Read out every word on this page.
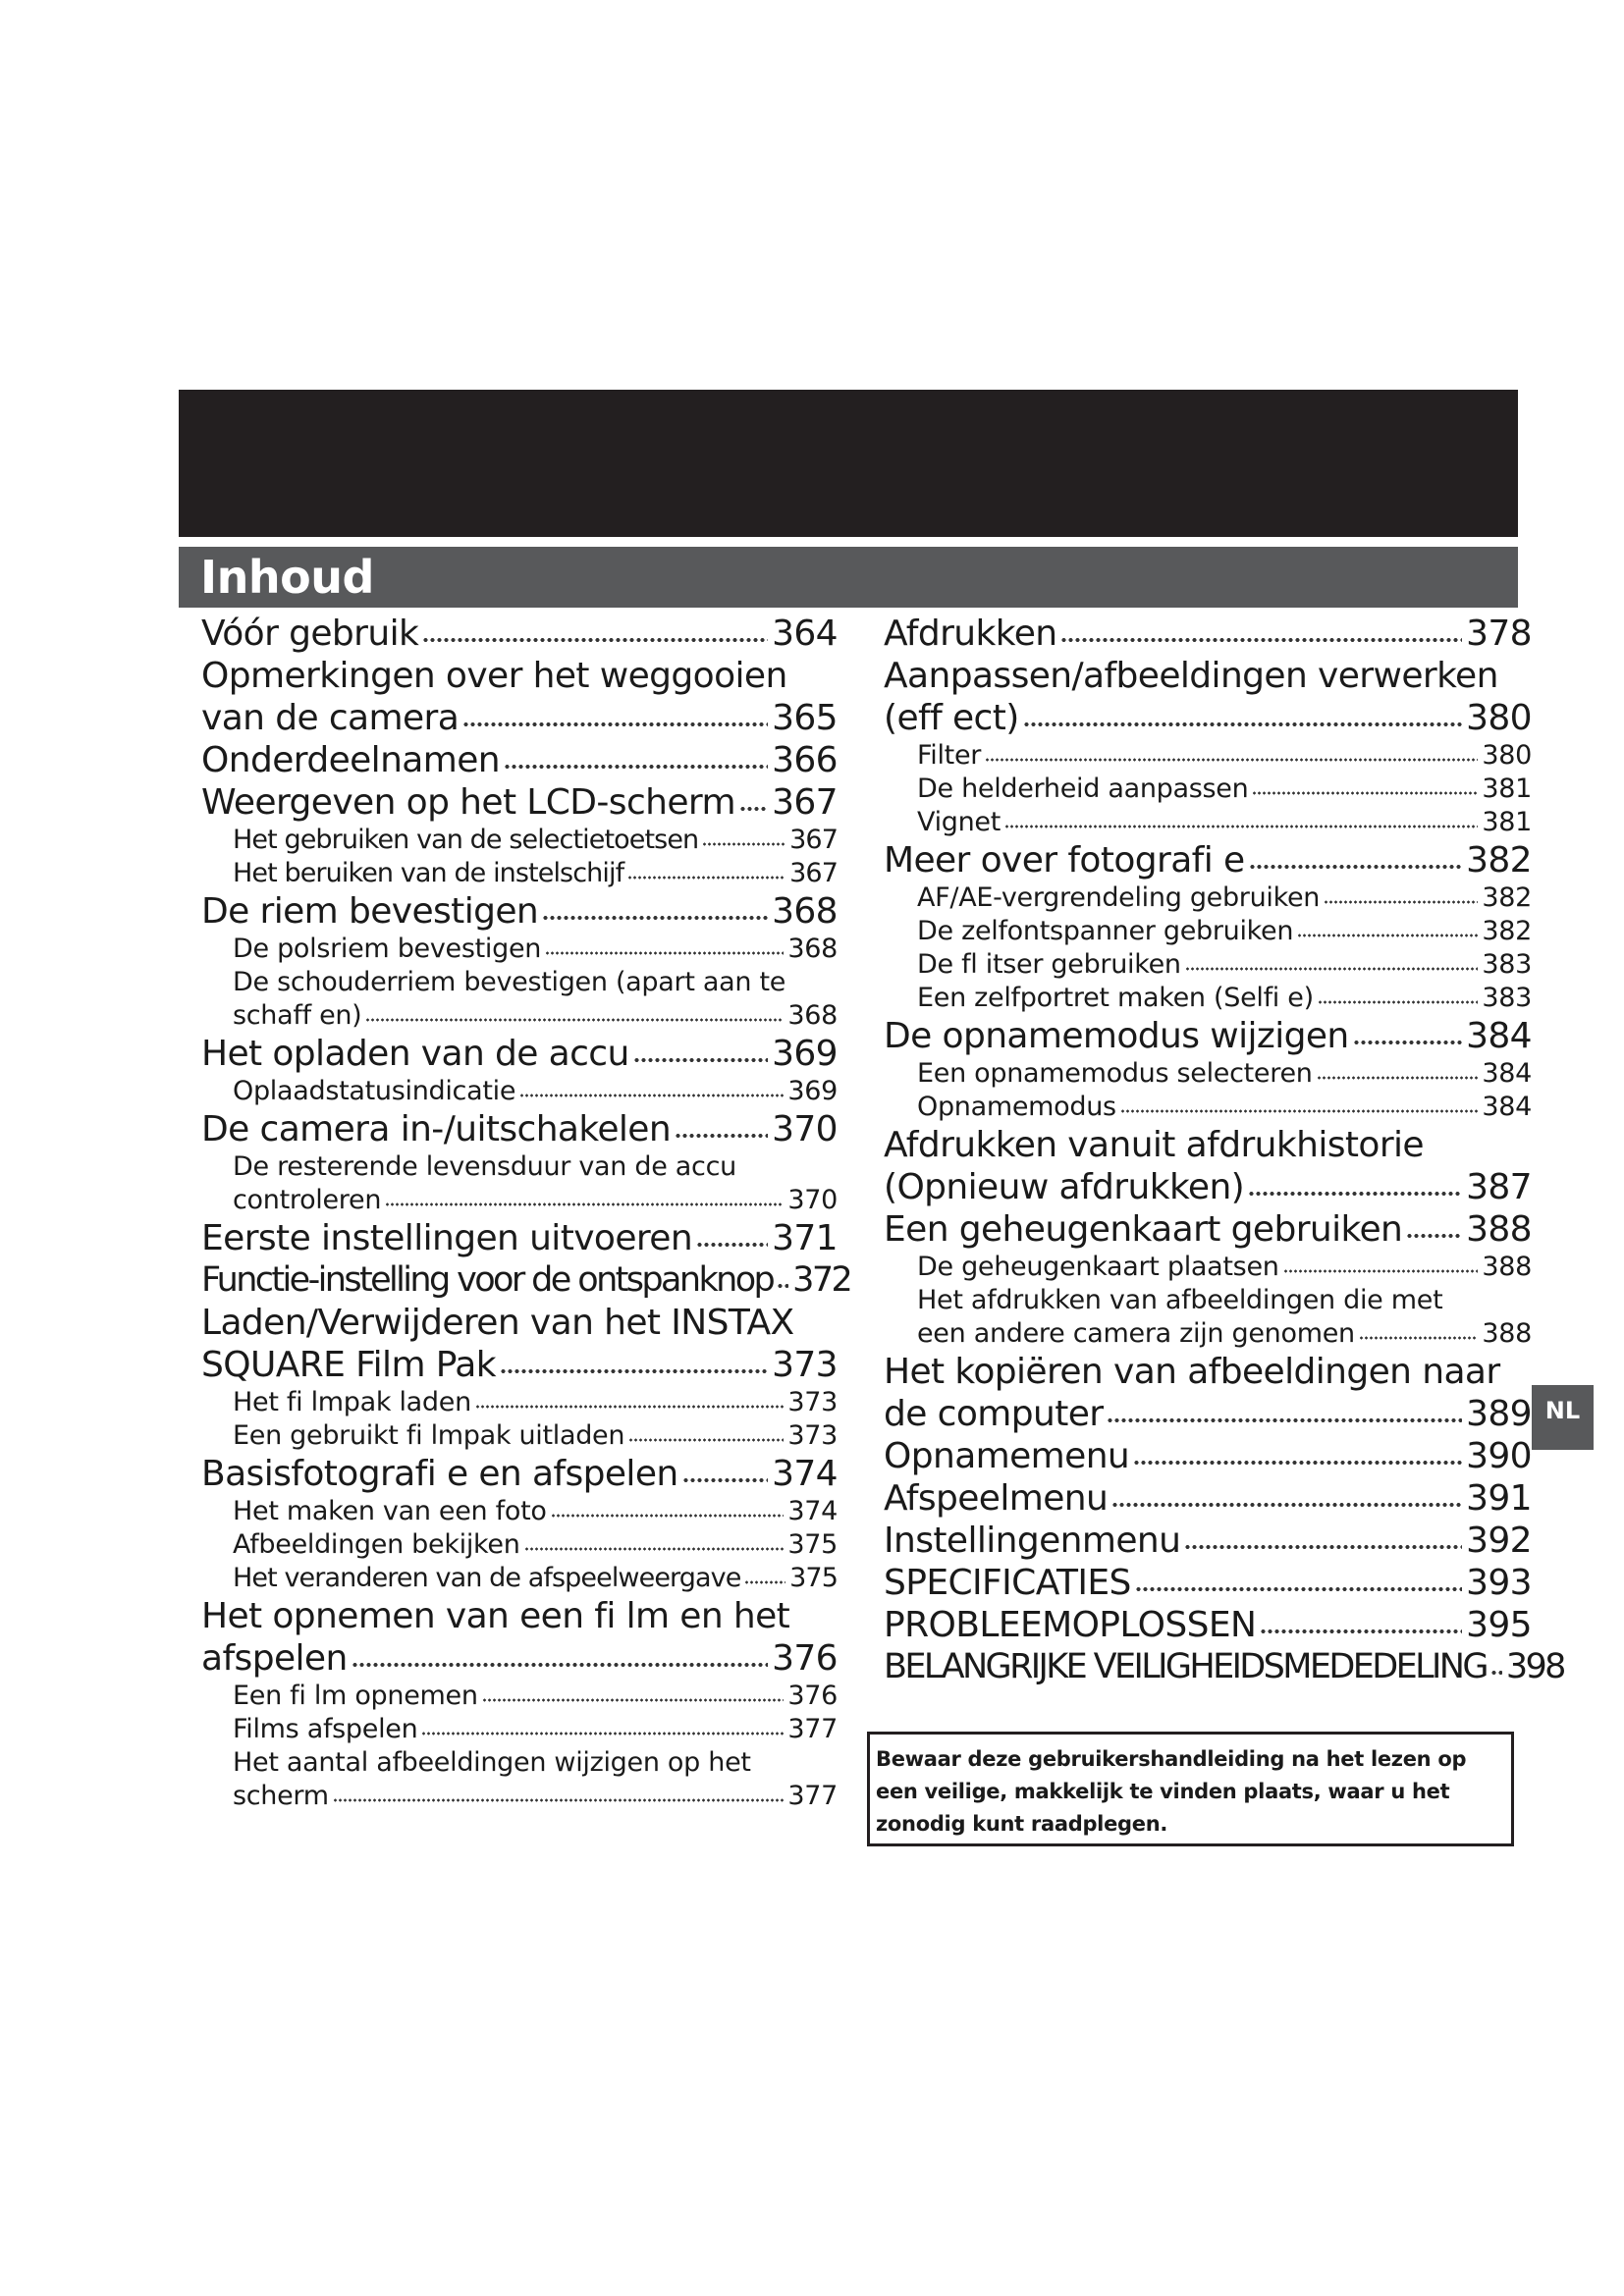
Inhoud
Vóór gebruik	364
Opmerkingen over het weggooien
van de camera	365
Onderdeelnamen	366
Weergeven op het LCD-scherm 367
Het gebruiken van de selectietoetsen	367
Het beruiken van de instelschijf	367
De riem bevestigen	368
De polsriem bevestigen	368
De schouderriem bevestigen (apart aan te
schaff en)	368
Het opladen van de accu	369
Oplaadstatusindicatie	369
De camera in-/uitschakelen	370
De resterende levensduur van de accu
controleren	370
Eerste instellingen uitvoeren 371
Functie-instelling voor de ontspanknop 372
Laden/Verwijderen van het INSTAX
SQUARE Film Pak	373
Het fi lmpak laden	373
Een gebruikt fi lmpak uitladen	373
Basisfotografi e en afspelen	374
Het maken van een foto	374
Afbeeldingen bekijken	375
Het veranderen van de afspeelweergave 375
Het opnemen van een fi lm en het
afspelen	376
Een fi lm opnemen	376
Films afspelen	377
Het aantal afbeeldingen wijzigen op het
scherm	377
Afdrukken	378
Aanpassen/afbeeldingen verwerken
(eff ect)	380
Filter	380
De helderheid aanpassen	381
Vignet	381
Meer over fotografi e	382
AF/AE-vergrendeling gebruiken	382
De zelfontspanner gebruiken	382
De fl itser gebruiken	383
Een zelfportret maken (Selfi e)	383
De opnamemodus wijzigen	384
Een opnamemodus selecteren	384
Opnamemodus	384
Afdrukken vanuit afdrukhistorie
(Opnieuw afdrukken)	387
Een geheugenkaart gebruiken 388
De geheugenkaart plaatsen	388
Het afdrukken van afbeeldingen die met
een andere camera zijn genomen	388
Het kopiëren van afbeeldingen naar
de computer	389
Opnamemenu	390
Afspeelmenu	391
Instellingenmenu	392
SPECIFICATIES	393
PROBLEEMOPLOSSEN	395
BELANGRIJKE VEILIGHEIDSMEDEDELING 398
NL
Bewaar deze gebruikershandleiding na het lezen op een veilige, makkelijk te vinden plaats, waar u het zonodig kunt raadplegen.
